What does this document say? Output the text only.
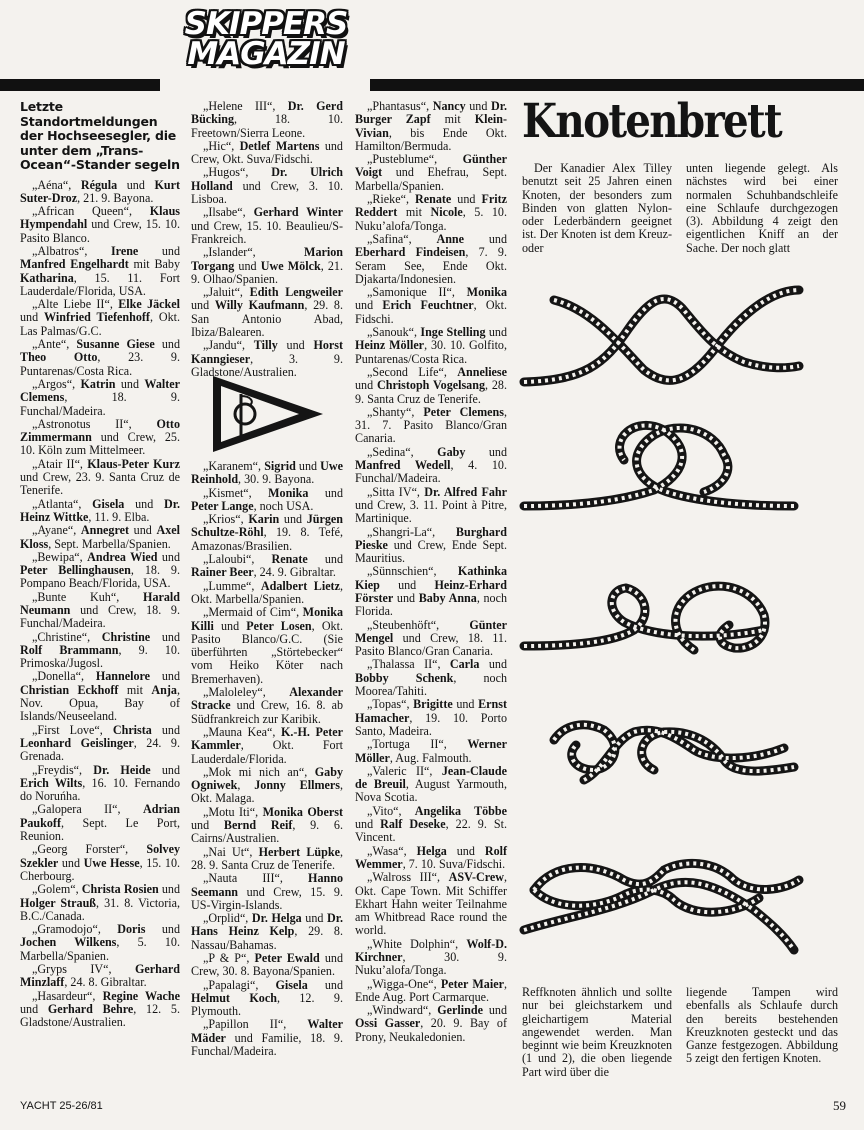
SKIPPERS
MAGAZIN
Letzte Standortmeldungen der Hochseesegler, die unter dem „Trans-Ocean“-Stander segeln

„Aéna“, Régula und Kurt Suter-Droz, 21. 9. Bayona.

„African Queen“, Klaus Hympendahl und Crew, 15. 10. Pasito Blanco.

„Albatros“, Irene und Manfred Engelhardt mit Baby Katharina, 15. 11. Fort Lauderdale/Florida, USA.

„Alte Liebe II“, Elke Jäckel und Winfried Tiefenhoff, Okt. Las Palmas/G.C.

„Ante“, Susanne Giese und Theo Otto, 23. 9. Puntarenas/Costa Rica.

„Argos“, Katrin und Walter Clemens, 18. 9. Funchal/Madeira.

„Astronotus II“, Otto Zimmermann und Crew, 25. 10. Köln zum Mittelmeer.

„Atair II“, Klaus-Peter Kurz und Crew, 23. 9. Santa Cruz de Tenerife.

„Atlanta“, Gisela und Dr. Heinz Wittke, 11. 9. Elba.

„Ayane“, Annegret und Axel Kloss, Sept. Marbella/Spanien.

„Bewipa“, Andrea Wied und Peter Bellinghausen, 18. 9. Pompano Beach/Florida, USA.

„Bunte Kuh“, Harald Neumann und Crew, 18. 9. Funchal/Madeira.

„Christine“, Christine und Rolf Brammann, 9. 10. Primoska/Jugosl.

„Donella“, Hannelore und Christian Eckhoff mit Anja, Nov. Opua, Bay of Islands/Neuseeland.

„First Love“, Christa und Leonhard Geislinger, 24. 9. Grenada.

„Freydis“, Dr. Heide und Erich Wilts, 16. 10. Fernando do Noruńha.

„Galopera II“, Adrian Paukoff, Sept. Le Port, Reunion.

„Georg Forster“, Solvey Szekler und Uwe Hesse, 15. 10. Cherbourg.

„Golem“, Christa Rosien und Holger Strauß, 31. 8. Victoria, B.C./Canada.

„Gramodojo“, Doris und Jochen Wilkens, 5. 10. Marbella/Spanien.

„Gryps IV“, Gerhard Minzlaff, 24. 8. Gibraltar.

„Hasardeur“, Regine Wache und Gerhard Behre, 12. 5. Gladstone/Australien.

„Helene III“, Dr. Gerd Bücking, 18. 10. Freetown/Sierra Leone.

„Hic“, Detlef Martens und Crew, Okt. Suva/Fidschi.

„Hugos“, Dr. Ulrich Holland und Crew, 3. 10. Lisboa.

„Ilsabe“, Gerhard Winter und Crew, 15. 10. Beaulieu/S-Frankreich.

„Islander“, Marion Torgang und Uwe Mölck, 21. 9. Olhao/Spanien.

„Jaluit“, Edith Lengweiler und Willy Kaufmann, 29. 8. San Antonio Abad, Ibiza/Balearen.

„Jandu“, Tilly und Horst Kanngieser, 3. 9. Gladstone/Australien.

„Karanem“, Sigrid und Uwe Reinhold, 30. 9. Bayona.

„Kismet“, Monika und Peter Lange, noch USA.

„Krios“, Karin und Jürgen Schultze-Röhl, 19. 8. Tefé, Amazonas/Brasilien.

„Laloubi“, Renate und Rainer Beer, 24. 9. Gibraltar.

„Lumme“, Adalbert Lietz, Okt. Marbella/Spanien.

„Mermaid of Cim“, Monika Killi und Peter Losen, Okt. Pasito Blanco/G.C. (Sie überführten „Störtebecker“ vom Heiko Köter nach Bremerhaven).

„Maloleley“, Alexander Stracke und Crew, 16. 8. ab Südfrankreich zur Karibik.

„Mauna Kea“, K.-H. Peter Kammler, Okt. Fort Lauderdale/Florida.

„Mok mi nich an“, Gaby Ogniwek, Jonny Ellmers, Okt. Malaga.

„Motu Iti“, Monika Oberst und Bernd Reif, 9. 6. Cairns/Australien.

„Nai Ut“, Herbert Lüpke, 28. 9. Santa Cruz de Tenerife.

„Nauta III“, Hanno Seemann und Crew, 15. 9. US-Virgin-Islands.

„Orplid“, Dr. Helga und Dr. Hans Heinz Kelp, 29. 8. Nassau/Bahamas.

„P & P“, Peter Ewald und Crew, 30. 8. Bayona/Spanien.

„Papalagi“, Gisela und Helmut Koch, 12. 9. Plymouth.

„Papillon II“, Walter Mäder und Familie, 18. 9. Funchal/Madeira.

„Phantasus“, Nancy und Dr. Burger Zapf mit Klein-Vivian, bis Ende Okt. Hamilton/Bermuda.

„Pusteblume“, Günther Voigt und Ehefrau, Sept. Marbella/Spanien.

„Rieke“, Renate und Fritz Reddert mit Nicole, 5. 10. Nuku’alofa/Tonga.

„Safina“, Anne und Eberhard Findeisen, 7. 9. Seram See, Ende Okt. Djakarta/Indonesien.

„Samonique II“, Monika und Erich Feuchtner, Okt. Fidschi.

„Sanouk“, Inge Stelling und Heinz Möller, 30. 10. Golfito, Puntarenas/Costa Rica.

„Second Life“, Anneliese und Christoph Vogelsang, 28. 9. Santa Cruz de Tenerife.

„Shanty“, Peter Clemens, 31. 7. Pasito Blanco/Gran Canaria.

„Sedina“, Gaby und Manfred Wedell, 4. 10. Funchal/Madeira.

„Sitta IV“, Dr. Alfred Fahr und Crew, 3. 11. Point à Pitre, Martinique.

„Shangri-La“, Burghard Pieske und Crew, Ende Sept. Mauritius.

„Sünnschien“, Kathinka Kiep und Heinz-Erhard Förster und Baby Anna, noch Florida.

„Steubenhöft“, Günter Mengel und Crew, 18. 11. Pasito Blanco/Gran Canaria.

„Thalassa II“, Carla und Bobby Schenk, noch Moorea/Tahiti.

„Topas“, Brigitte und Ernst Hamacher, 19. 10. Porto Santo, Madeira.

„Tortuga II“, Werner Möller, Aug. Falmouth.

„Valeric II“, Jean-Claude de Breuil, August Yarmouth, Nova Scotia.

„Vito“, Angelika Többe und Ralf Deseke, 22. 9. St. Vincent.

„Wasa“, Helga und Rolf Wemmer, 7. 10. Suva/Fidschi.

„Walross III“, ASV-Crew, Okt. Cape Town. Mit Schiffer Ekhart Hahn weiter Teilnahme am Whitbread Race round the world.

„White Dolphin“, Wolf-D. Kirchner, 30. 9. Nuku’alofa/Tonga.

„Wigga-One“, Peter Maier, Ende Aug. Port Carmarque.

„Windward“, Gerlinde und Ossi Gasser, 20. 9. Bay of Prony, Neukaledonien.

Knotenbrett

Der Kanadier Alex Tilley benutzt seit 25 Jahren einen Knoten, der besonders zum Binden von glatten Nylon- oder Lederbändern geeignet ist. Der Knoten ist dem Kreuz- oder

unten liegende gelegt. Als nächstes wird bei einer normalen Schuhbandschleife eine Schlaufe durchgezogen (3). Abbildung 4 zeigt den eigentlichen Kniff an der Sache. Der noch glatt

Reffknoten ähnlich und sollte nur bei gleichstarkem und gleichartigem Material angewendet werden. Man beginnt wie beim Kreuzknoten (1 und 2), die oben liegende Part wird über die

liegende Tampen wird ebenfalls als Schlaufe durch den bereits bestehenden Kreuzknoten gesteckt und das Ganze festgezogen. Abbildung 5 zeigt den fertigen Knoten.

YACHT 25-26/81	59
